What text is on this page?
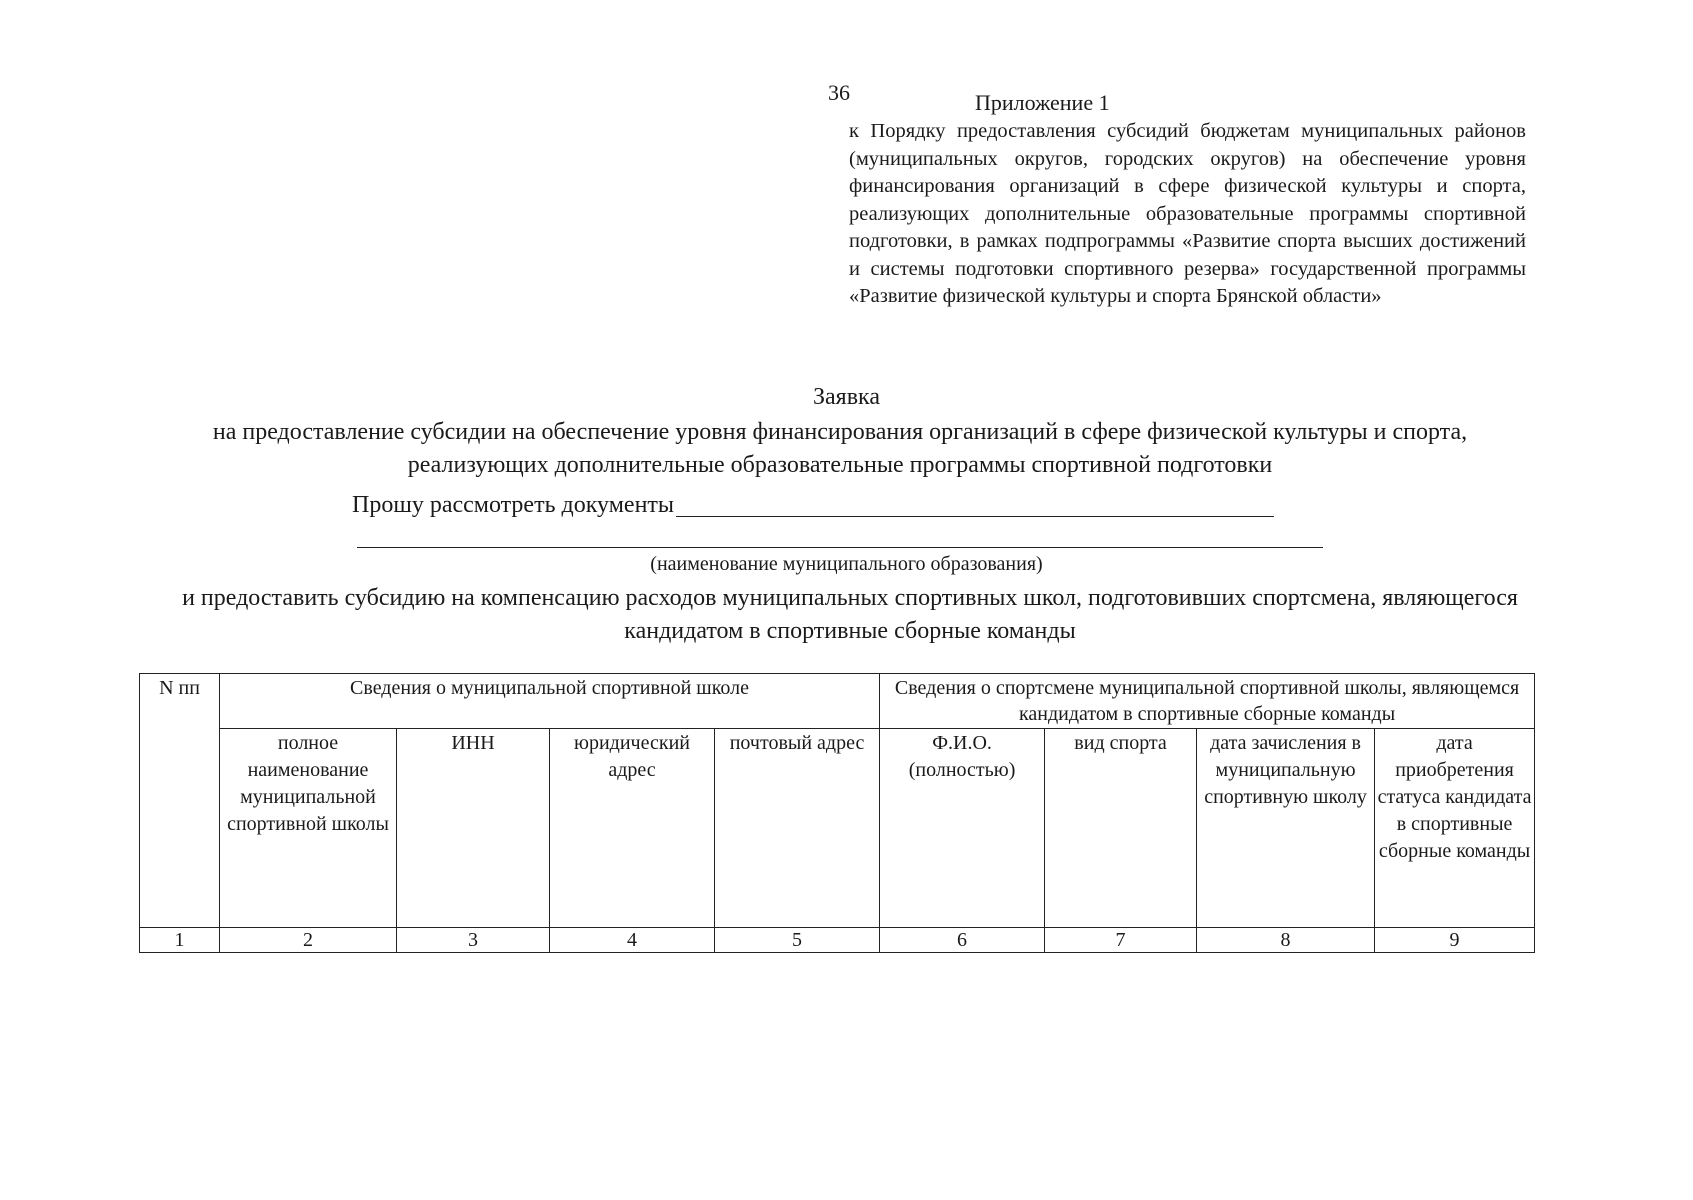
36	Приложение 1
к Порядку предоставления субсидий бюджетам муниципальных районов (муниципальных округов, городских округов) на обеспечение уровня финансирования организаций в сфере физической культуры и спорта, реализующих дополнительные образовательные программы спортивной подготовки, в рамках подпрограммы «Развитие спорта высших достижений и системы подготовки спортивного резерва» государственной программы «Развитие физической культуры и спорта Брянской области»
Заявка
на предоставление субсидии на обеспечение уровня финансирования организаций в сфере физической культуры и спорта, реализующих дополнительные образовательные программы спортивной подготовки
Прошу рассмотреть документы
(наименование муниципального образования)
и предоставить субсидию на компенсацию расходов муниципальных спортивных школ, подготовивших спортсмена, являющегося кандидатом в спортивные сборные команды
N пп	Сведения о муниципальной спортивной школе				Сведения о спортсмене муниципальной спортивной школы, являющемся кандидатом в спортивные сборные команды			
	полное наименование муниципальной спортивной школы	ИНН	юридический адрес	почтовый адрес	Ф.И.О. (полностью)	вид спорта	дата зачисления в муниципальную спортивную школу	дата приобретения статуса кандидата в спортивные сборные команды
1	2	3	4	5	6	7	8	9
